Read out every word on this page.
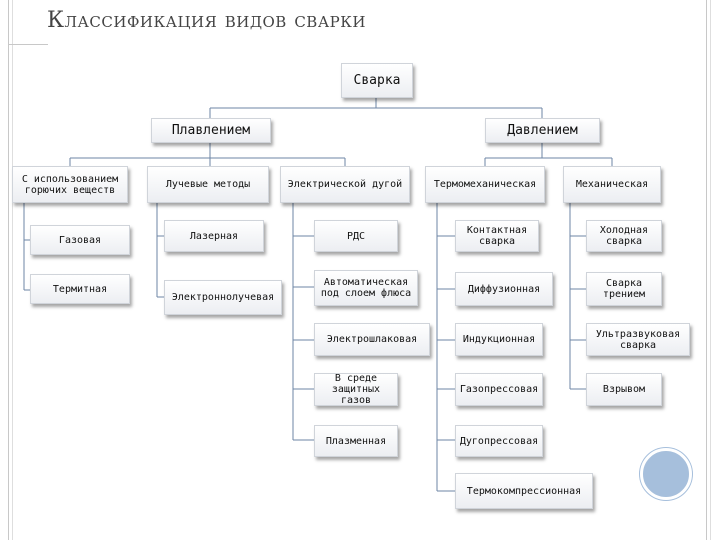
Классификация видов сварки
Сварка
Плавлением	Давлением
С использованием горючих веществ	Лучевые методы	Электрической дугой	Термомеханическая	Механическая
Газовая
Термитная
Лазерная
Электроннолучевая
РДС
Автоматическая под слоем флюса
Электрошлаковая
В среде защитных газов
Плазменная
Контактная сварка
Диффузионная
Индукционная
Газопрессовая
Дугопрессовая
Термокомпрессионная
Холодная сварка
Сварка трением
Ультразвуковая сварка
Взрывом
